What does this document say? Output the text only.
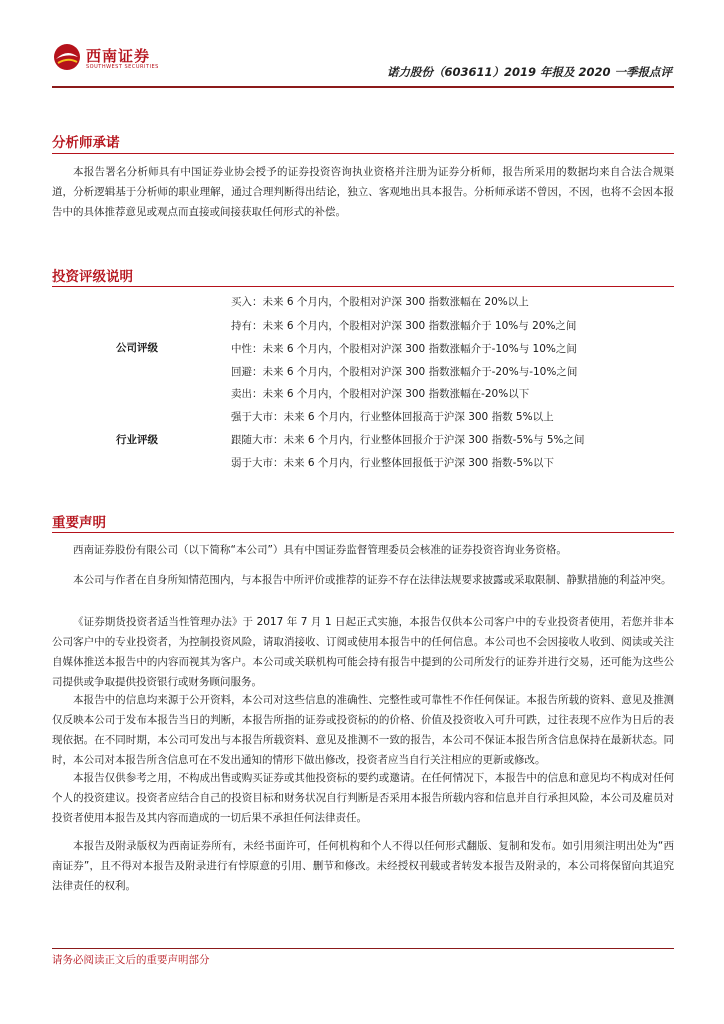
西南证券
SOUTHWEST SECURITIES	诺力股份（603611）2019 年报及 2020 一季报点评
分析师承诺

本报告署名分析师具有中国证券业协会授予的证券投资咨询执业资格并注册为证券分析师，报告所采用的数据均来自合法合规渠道，分析逻辑基于分析师的职业理解，通过合理判断得出结论，独立、客观地出具本报告。分析师承诺不曾因，不因，也将不会因本报告中的具体推荐意见或观点而直接或间接获取任何形式的补偿。

投资评级说明
公司评级
买入：未来 6 个月内，个股相对沪深 300 指数涨幅在 20%以上
持有：未来 6 个月内，个股相对沪深 300 指数涨幅介于 10%与 20%之间
中性：未来 6 个月内，个股相对沪深 300 指数涨幅介于-10%与 10%之间
回避：未来 6 个月内，个股相对沪深 300 指数涨幅介于-20%与-10%之间
卖出：未来 6 个月内，个股相对沪深 300 指数涨幅在-20%以下
行业评级
强于大市：未来 6 个月内，行业整体回报高于沪深 300 指数 5%以上
跟随大市：未来 6 个月内，行业整体回报介于沪深 300 指数-5%与 5%之间
弱于大市：未来 6 个月内，行业整体回报低于沪深 300 指数-5%以下
重要声明

西南证券股份有限公司（以下简称“本公司”）具有中国证券监督管理委员会核准的证券投资咨询业务资格。

本公司与作者在自身所知情范围内，与本报告中所评价或推荐的证券不存在法律法规要求披露或采取限制、静默措施的利益冲突。

《证券期货投资者适当性管理办法》于 2017 年 7 月 1 日起正式实施，本报告仅供本公司客户中的专业投资者使用，若您并非本公司客户中的专业投资者，为控制投资风险，请取消接收、订阅或使用本报告中的任何信息。本公司也不会因接收人收到、阅读或关注自媒体推送本报告中的内容而视其为客户。本公司或关联机构可能会持有报告中提到的公司所发行的证券并进行交易，还可能为这些公司提供或争取提供投资银行或财务顾问服务。

本报告中的信息均来源于公开资料，本公司对这些信息的准确性、完整性或可靠性不作任何保证。本报告所载的资料、意见及推测仅反映本公司于发布本报告当日的判断，本报告所指的证券或投资标的的价格、价值及投资收入可升可跌，过往表现不应作为日后的表现依据。在不同时期，本公司可发出与本报告所载资料、意见及推测不一致的报告，本公司不保证本报告所含信息保持在最新状态。同时，本公司对本报告所含信息可在不发出通知的情形下做出修改，投资者应当自行关注相应的更新或修改。

本报告仅供参考之用，不构成出售或购买证券或其他投资标的要约或邀请。在任何情况下，本报告中的信息和意见均不构成对任何个人的投资建议。投资者应结合自己的投资目标和财务状况自行判断是否采用本报告所载内容和信息并自行承担风险，本公司及雇员对投资者使用本报告及其内容而造成的一切后果不承担任何法律责任。

本报告及附录版权为西南证券所有，未经书面许可，任何机构和个人不得以任何形式翻版、复制和发布。如引用须注明出处为“西南证券”，且不得对本报告及附录进行有悖原意的引用、删节和修改。未经授权刊载或者转发本报告及附录的，本公司将保留向其追究法律责任的权利。

请务必阅读正文后的重要声明部分
